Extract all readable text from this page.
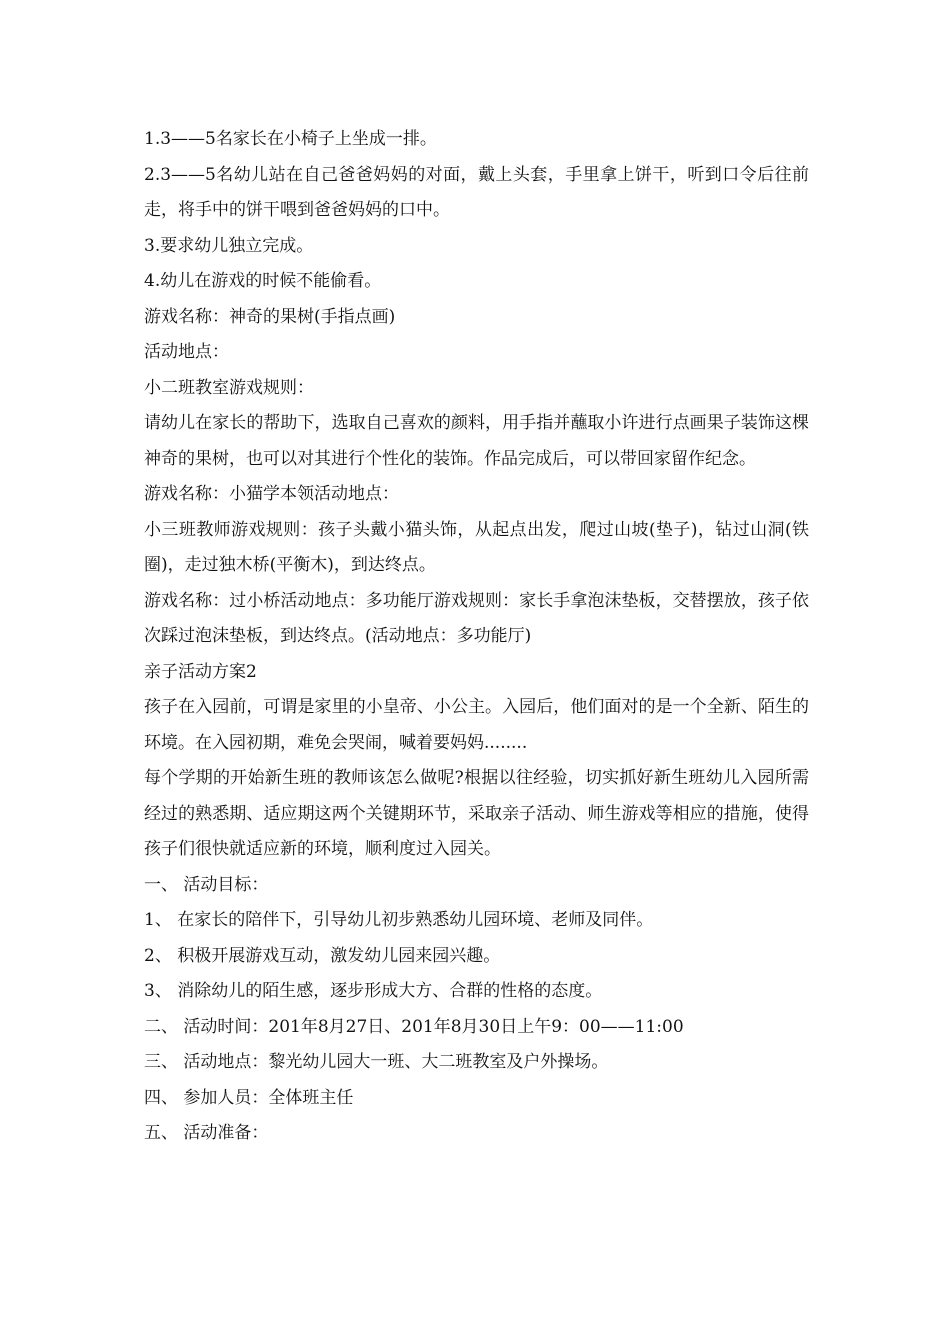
1.3——5名家长在小椅子上坐成一排。

2.3——5名幼儿站在自己爸爸妈妈的对面，戴上头套，手里拿上饼干，听到口令后往前走，将手中的饼干喂到爸爸妈妈的口中。

3.要求幼儿独立完成。

4.幼儿在游戏的时候不能偷看。

游戏名称：神奇的果树(手指点画)

活动地点：

小二班教室游戏规则：

请幼儿在家长的帮助下，选取自己喜欢的颜料，用手指并蘸取小许进行点画果子装饰这棵神奇的果树，也可以对其进行个性化的装饰。作品完成后，可以带回家留作纪念。

游戏名称：小猫学本领活动地点：

小三班教师游戏规则：孩子头戴小猫头饰，从起点出发，爬过山坡(垫子)，钻过山洞(铁圈)，走过独木桥(平衡木)，到达终点。

游戏名称：过小桥活动地点：多功能厅游戏规则：家长手拿泡沫垫板，交替摆放，孩子依次踩过泡沫垫板，到达终点。(活动地点：多功能厅)

亲子活动方案2

孩子在入园前，可谓是家里的小皇帝、小公主。入园后，他们面对的是一个全新、陌生的环境。在入园初期，难免会哭闹，喊着要妈妈........

每个学期的开始新生班的教师该怎么做呢?根据以往经验，切实抓好新生班幼儿入园所需经过的熟悉期、适应期这两个关键期环节，采取亲子活动、师生游戏等相应的措施，使得孩子们很快就适应新的环境，顺利度过入园关。

一、 活动目标：

1、 在家长的陪伴下，引导幼儿初步熟悉幼儿园环境、老师及同伴。

2、 积极开展游戏互动，激发幼儿园来园兴趣。

3、 消除幼儿的陌生感，逐步形成大方、合群的性格的态度。

二、 活动时间：201年8月27日、201年8月30日上午9：00——11:00

三、 活动地点：黎光幼儿园大一班、大二班教室及户外操场。

四、 参加人员：全体班主任

五、 活动准备：
